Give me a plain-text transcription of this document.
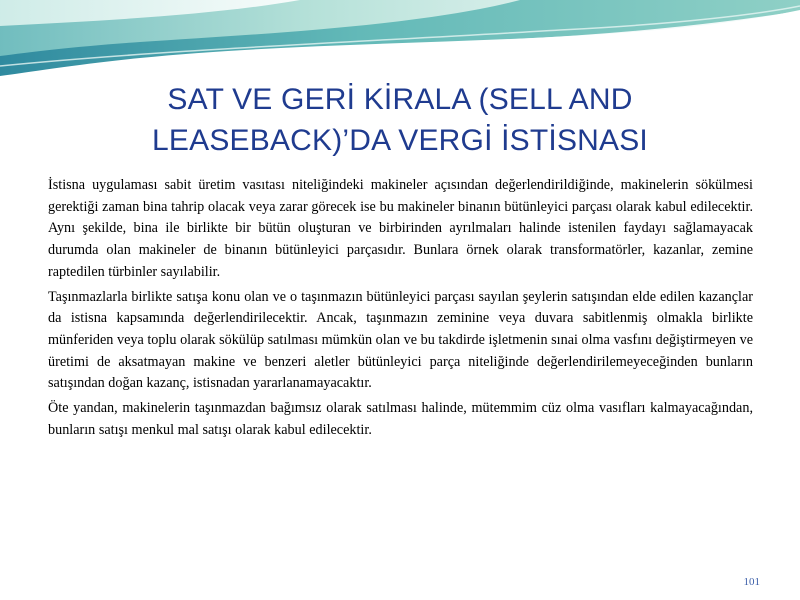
SAT VE GERİ KİRALA (SELL AND
LEASEBACK)’DA VERGİ İSTİSNASI

İstisna uygulaması sabit üretim vasıtası niteliğindeki makineler açısından değerlendirildiğinde, makinelerin sökülmesi gerektiği zaman bina tahrip olacak veya zarar görecek ise bu makineler binanın bütünleyici parçası olarak kabul edilecektir. Aynı şekilde, bina ile birlikte bir bütün oluşturan ve birbirinden ayrılmaları halinde istenilen faydayı sağlamayacak durumda olan makineler de binanın bütünleyici parçasıdır. Bunlara örnek olarak transformatörler, kazanlar, zemine raptedilen türbinler sayılabilir.

Taşınmazlarla birlikte satışa konu olan ve o taşınmazın bütünleyici parçası sayılan şeylerin satışından elde edilen kazançlar da istisna kapsamında değerlendirilecektir. Ancak, taşınmazın zeminine veya duvara sabitlenmiş olmakla birlikte münferiden veya toplu olarak sökülüp satılması mümkün olan ve bu takdirde işletmenin sınai olma vasfını değiştirmeyen ve üretimi de aksatmayan makine ve benzeri aletler bütünleyici parça niteliğinde değerlendirilemeyeceğinden bunların satışından doğan kazanç, istisnadan yararlanamayacaktır.

Öte yandan, makinelerin taşınmazdan bağımsız olarak satılması halinde, mütemmim cüz olma vasıfları kalmayacağından, bunların satışı menkul mal satışı olarak kabul edilecektir.

101
